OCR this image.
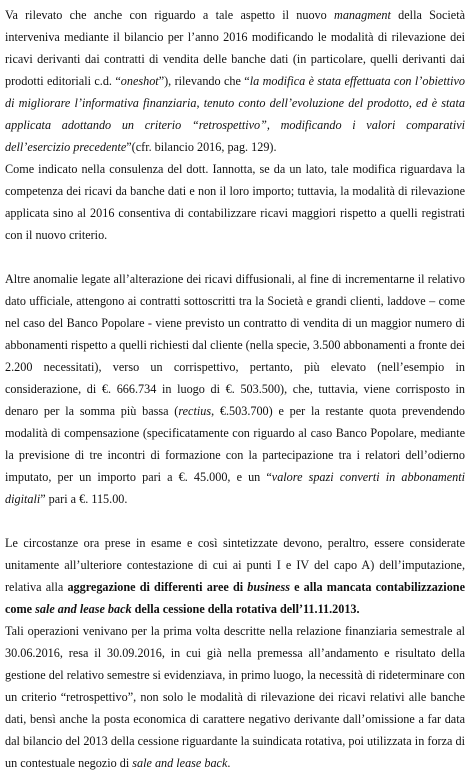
Va rilevato che anche con riguardo a tale aspetto il nuovo managment della Società interveniva mediante il bilancio per l’anno 2016 modificando le modalità di rilevazione dei ricavi derivanti dai contratti di vendita delle banche dati (in particolare, quelli derivanti dai prodotti editoriali c.d. “oneshot”), rilevando che “la modifica è stata effettuata con l’obiettivo di migliorare l’informativa finanziaria, tenuto conto dell’evoluzione del prodotto, ed è stata applicata adottando un criterio “retrospettivo”, modificando i valori comparativi dell’esercizio precedente”(cfr. bilancio 2016, pag. 129).

Come indicato nella consulenza del dott. Iannotta, se da un lato, tale modifica riguardava la competenza dei ricavi da banche dati e non il loro importo; tuttavia, la modalità di rilevazione applicata sino al 2016 consentiva di contabilizzare ricavi maggiori rispetto a quelli registrati con il nuovo criterio.

Altre anomalie legate all’alterazione dei ricavi diffusionali, al fine di incrementarne il relativo dato ufficiale, attengono ai contratti sottoscritti tra la Società e grandi clienti, laddove – come nel caso del Banco Popolare - viene previsto un contratto di vendita di un maggior numero di abbonamenti rispetto a quelli richiesti dal cliente (nella specie, 3.500 abbonamenti a fronte dei 2.200 necessitati), verso un corrispettivo, pertanto, più elevato (nell’esempio in considerazione, di €. 666.734 in luogo di €. 503.500), che, tuttavia, viene corrisposto in denaro per la somma più bassa (rectius, €.503.700) e per la restante quota prevendendo modalità di compensazione (specificatamente con riguardo al caso Banco Popolare, mediante la previsione di tre incontri di formazione con la partecipazione tra i relatori dell’odierno imputato, per un importo pari a €. 45.000, e un “valore spazi converti in abbonamenti digitali” pari a €. 115.00.

Le circostanze ora prese in esame e così sintetizzate devono, peraltro, essere considerate unitamente all’ulteriore contestazione di cui ai punti I e IV del capo A) dell’imputazione, relativa alla aggregazione di differenti aree di business e alla mancata contabilizzazione come sale and lease back della cessione della rotativa dell’11.11.2013.

Tali operazioni venivano per la prima volta descritte nella relazione finanziaria semestrale al 30.06.2016, resa il 30.09.2016, in cui già nella premessa all’andamento e risultato della gestione del relativo semestre si evidenziava, in primo luogo, la necessità di rideterminare con un criterio “retrospettivo”, non solo le modalità di rilevazione dei ricavi relativi alle banche dati, bensì anche la posta economica di carattere negativo derivante dall’omissione a far data dal bilancio del 2013 della cessione riguardante la suindicata rotativa, poi utilizzata in forza di un contestuale negozio di sale and lease back.
